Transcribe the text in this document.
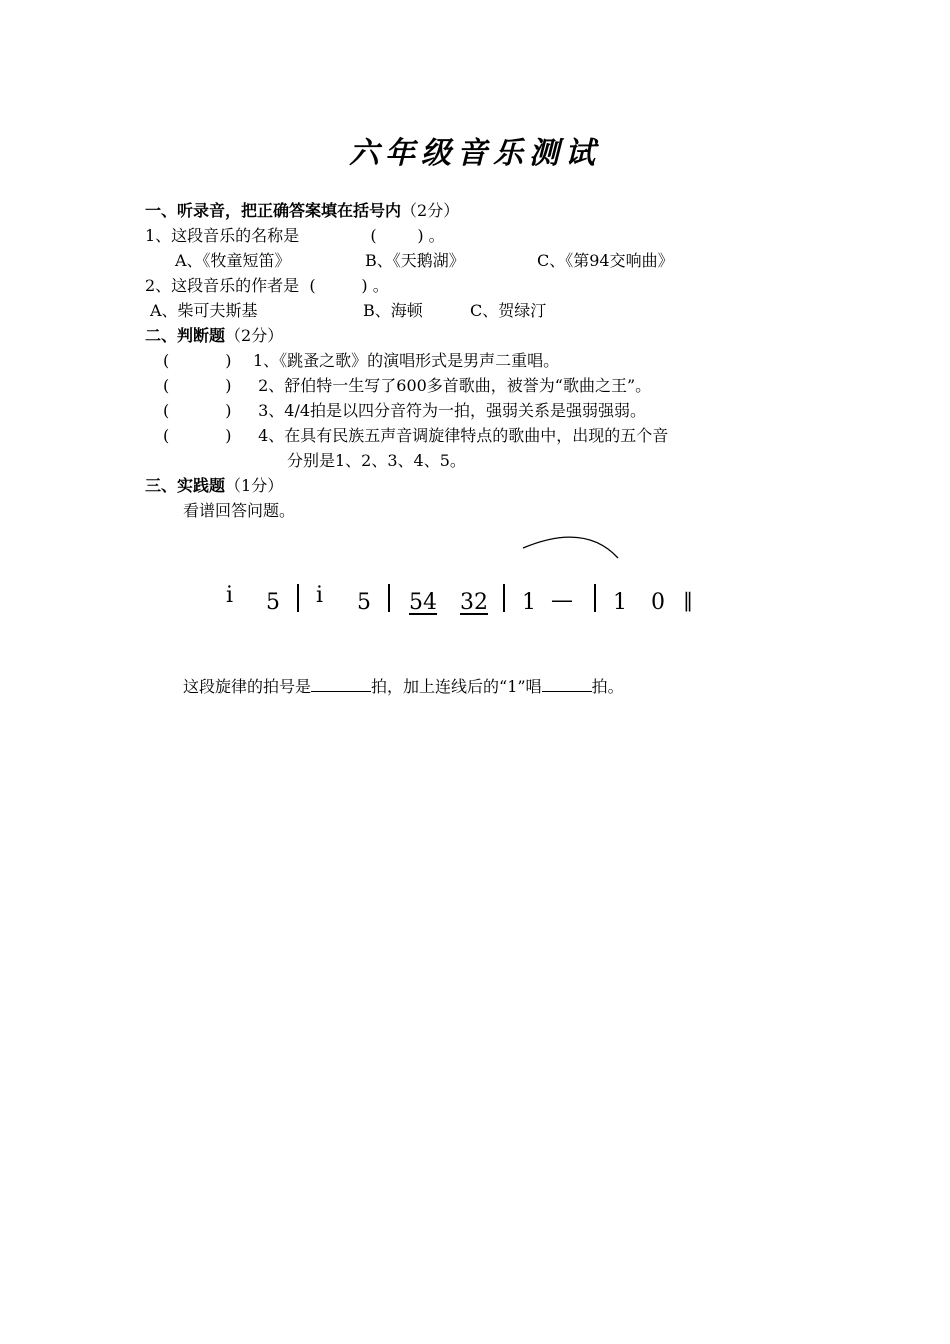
六年级音乐测试
一、听录音，把正确答案填在括号内（2分）
1、这段音乐的名称是              (        ) 。
A、《牧童短笛》	B、《天鹅湖》	C、《第94交响曲》
2、这段音乐的作者是  (         ) 。
A、柴可夫斯基	B、海顿	C、贺绿汀
二、判断题（2分）
(           ) 1、《跳蚤之歌》的演唱形式是男声二重唱。
(           ) 2、舒伯特一生写了600多首歌曲，被誉为“歌曲之王”。
(           ) 3、4/4拍是以四分音符为一拍，强弱关系是强弱强弱。
(           ) 4、在具有民族五声音调旋律特点的歌曲中，出现的五个音
分别是1、2、3、4、5。
三、实践题（1分）
看谱回答问题。
i 5 i 5 54 32 1 — 1 0 ‖
这段旋律的拍号是	拍，加上连线后的“1”唱	拍。
